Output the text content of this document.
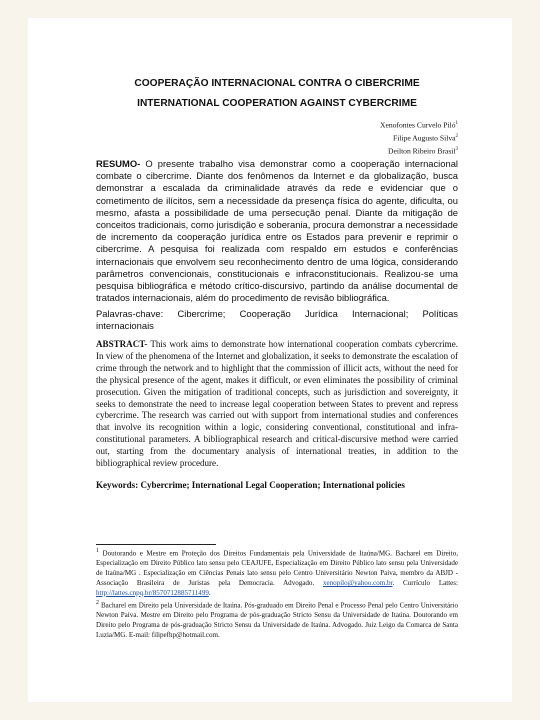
COOPERAÇÃO INTERNACIONAL CONTRA O CIBERCRIME
INTERNATIONAL COOPERATION AGAINST CYBERCRIME
Xenofontes Curvelo Piló$^1$
Filipe Augusto Silva$^2$
Deilton Ribeiro Brasil$^3$

RESUMO- O presente trabalho visa demonstrar como a cooperação internacional combate o cibercrime. Diante dos fenômenos da Internet e da globalização, busca demonstrar a escalada da criminalidade através da rede e evidenciar que o cometimento de ilícitos, sem a necessidade da presença física do agente, dificulta, ou mesmo, afasta a possibilidade de uma persecução penal. Diante da mitigação de conceitos tradicionais, como jurisdição e soberania, procura demonstrar a necessidade de incremento da cooperação jurídica entre os Estados para prevenir e reprimir o cibercrime. A pesquisa foi realizada com respaldo em estudos e conferências internacionais que envolvem seu reconhecimento dentro de uma lógica, considerando parâmetros convencionais, constitucionais e infraconstitucionais. Realizou-se uma pesquisa bibliográfica e método crítico-discursivo, partindo da análise documental de tratados internacionais, além do procedimento de revisão bibliográfica.

Palavras-chave: Cibercrime; Cooperação Jurídica Internacional; Políticas internacionais

ABSTRACT- This work aims to demonstrate how international cooperation combats cybercrime. In view of the phenomena of the Internet and globalization, it seeks to demonstrate the escalation of crime through the network and to highlight that the commission of illicit acts, without the need for the physical presence of the agent, makes it difficult, or even eliminates the possibility of criminal prosecution. Given the mitigation of traditional concepts, such as jurisdiction and sovereignty, it seeks to demonstrate the need to increase legal cooperation between States to prevent and repress cybercrime. The research was carried out with support from international studies and conferences that involve its recognition within a logic, considering conventional, constitutional and infra-constitutional parameters. A bibliographical research and critical-discursive method were carried out, starting from the documentary analysis of international treaties, in addition to the bibliographical review procedure.

Keywords: Cybercrime; International Legal Cooperation; International policies

$^1$ Doutorando e Mestre em Proteção dos Direitos Fundamentais pela Universidade de Itaúna/MG. Bacharel em Direito, Especialização em Direito Público lato sensu pelo CEAJUFE, Especialização em Direito Público lato sensu pela Universidade de Itaúna/MG . Especialização em Ciências Penais lato sensu pelo Centro Universitário Newton Paiva, membro da ABJD - Associação Brasileira de Juristas pela Democracia. Advogado. xenopilo@yahoo.com.br. Currículo Lattes: http://lattes.cnpq.br/8570712885711499.

$^2$ Bacharel em Direito pela Universidade de Itaúna. Pós-graduado em Direito Penal e Processo Penal pelo Centro Universitário Newton Paiva. Mestre em Direito pelo Programa de pós-graduação Stricto Sensu da Universidade de Itaúna. Doutorando em Direito pelo Programa de pós-graduação Stricto Sensu da Universidade de Itaúna. Advogado. Juiz Leigo da Comarca de Santa Luzia/MG. E-mail: filipefhp@hotmail.com.
